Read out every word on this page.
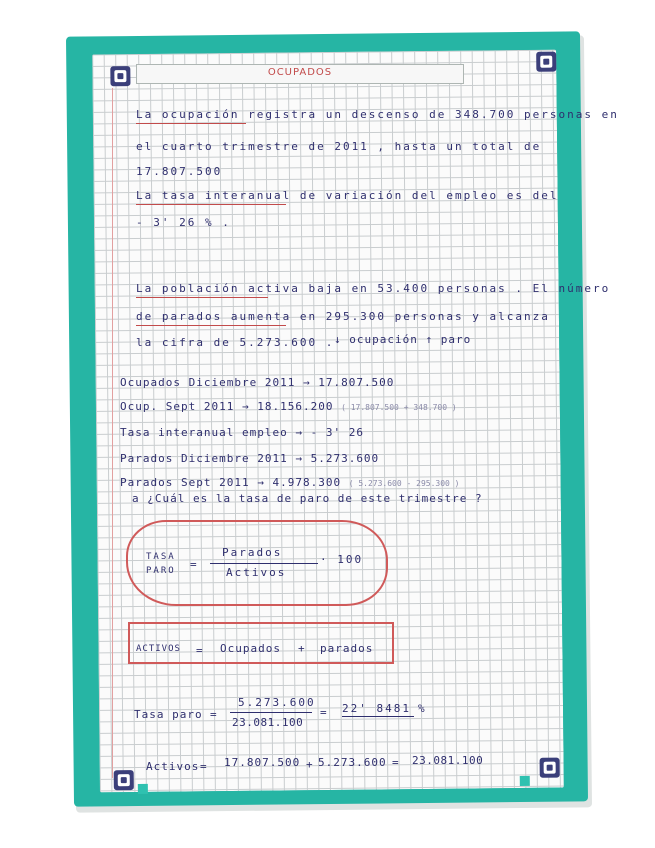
OCUPADOS
La ocupación registra un descenso de 348.700 personas en
el cuarto trimestre de 2011 , hasta un total de
17.807.500
La tasa interanual de variación del empleo es del
- 3' 26 % .
La población activa baja en 53.400 personas . El número
de parados aumenta en 295.300 personas y alcanza
la cifra de 5.273.600 . ↓ ocupación ↑ paro
Ocupados Diciembre 2011 → 17.807.500
Ocup. Sept 2011 → 18.156.200 ( 17.807.500 + 348.700 )
Tasa interanual empleo → - 3' 26
Parados Diciembre 2011 → 5.273.600
Parados Sept 2011 → 4.978.300 ( 5.273.600 - 295.300 )
a ¿Cuál es la tasa de paro de este trimestre ?
TASA
PARO =
Parados
Activos
· 100
ACTIVOS = Ocupados + parados
Tasa paro =
5.273.600
23.081.100
= 22' 8481 %
Activos = 17.807.500 + 5.273.600 = 23.081.100
